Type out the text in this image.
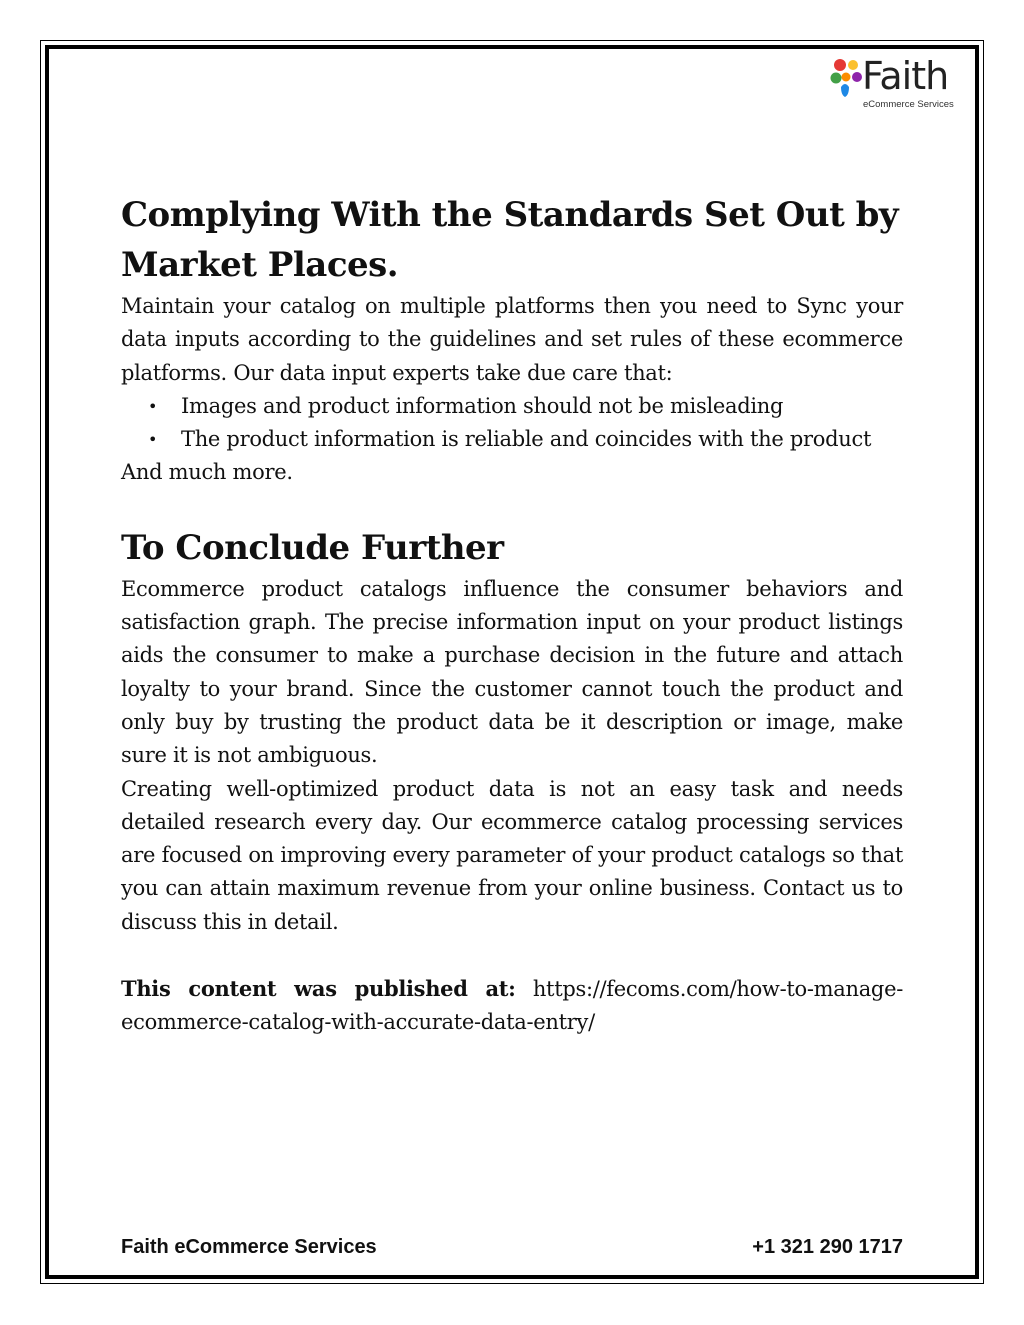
Faith
eCommerce Services
Complying With the Standards Set Out by Market Places.

Maintain your catalog on multiple platforms then you need to Sync your data inputs according to the guidelines and set rules of these ecommerce platforms. Our data input experts take due care that:

• Images and product information should not be misleading
• The product information is reliable and coincides with the product

And much more.

To Conclude Further

Ecommerce product catalogs influence the consumer behaviors and satisfaction graph. The precise information input on your product listings aids the consumer to make a purchase decision in the future and attach loyalty to your brand. Since the customer cannot touch the product and only buy by trusting the product data be it description or image, make sure it is not ambiguous.

Creating well-optimized product data is not an easy task and needs detailed research every day. Our ecommerce catalog processing services are focused on improving every parameter of your product catalogs so that you can attain maximum revenue from your online business. Contact us to discuss this in detail.

This content was published at: https://fecoms.com/how-to-manage-ecommerce-catalog-with-accurate-data-entry/

Faith eCommerce Services	+1 321 290 1717
